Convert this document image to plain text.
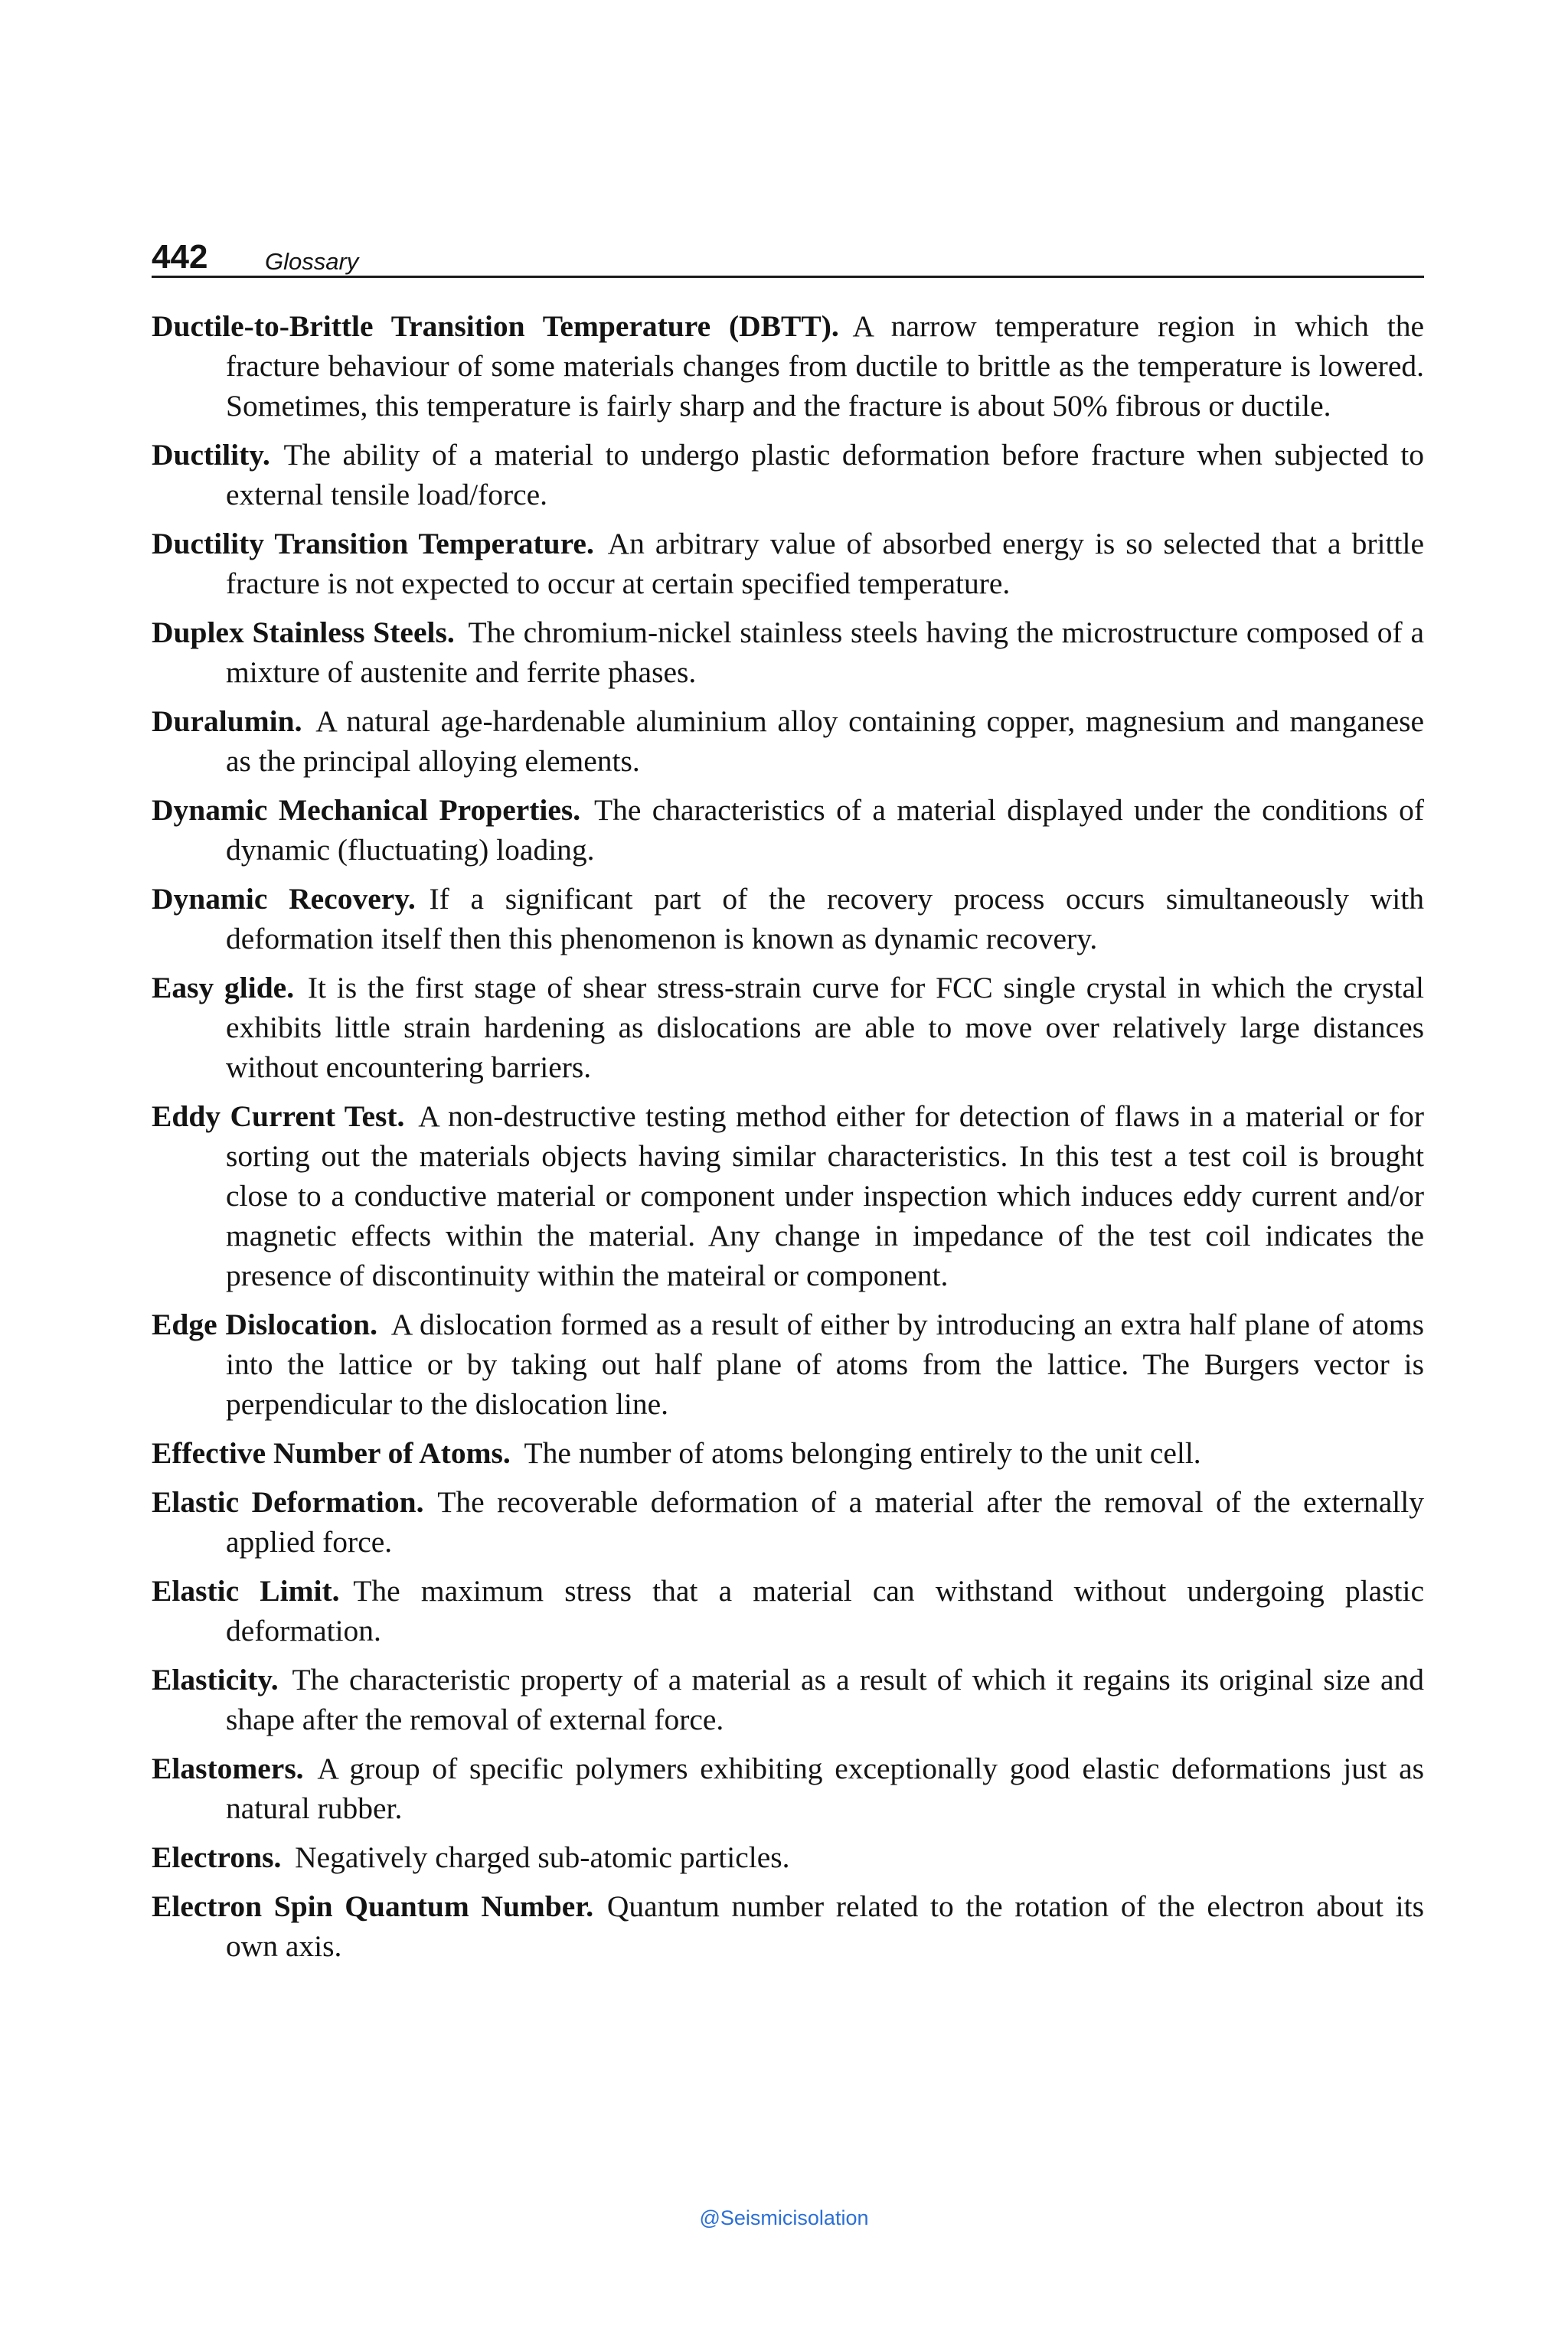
442 Glossary

Ductile-to-Brittle Transition Temperature (DBTT). A narrow temperature region in which the fracture behaviour of some materials changes from ductile to brittle as the temperature is lowered. Sometimes, this temperature is fairly sharp and the fracture is about 50% fibrous or ductile.

Ductility. The ability of a material to undergo plastic deformation before fracture when subjected to external tensile load/force.

Ductility Transition Temperature. An arbitrary value of absorbed energy is so selected that a brittle fracture is not expected to occur at certain specified temperature.

Duplex Stainless Steels. The chromium-nickel stainless steels having the microstructure composed of a mixture of austenite and ferrite phases.

Duralumin. A natural age-hardenable aluminium alloy containing copper, magnesium and manganese as the principal alloying elements.

Dynamic Mechanical Properties. The characteristics of a material displayed under the conditions of dynamic (fluctuating) loading.

Dynamic Recovery. If a significant part of the recovery process occurs simultaneously with deformation itself then this phenomenon is known as dynamic recovery.

Easy glide. It is the first stage of shear stress-strain curve for FCC single crystal in which the crystal exhibits little strain hardening as dislocations are able to move over relatively large distances without encountering barriers.

Eddy Current Test. A non-destructive testing method either for detection of flaws in a material or for sorting out the materials objects having similar characteristics. In this test a test coil is brought close to a conductive material or component under inspection which induces eddy current and/or magnetic effects within the material. Any change in impedance of the test coil indicates the presence of discontinuity within the mateiral or component.

Edge Dislocation. A dislocation formed as a result of either by introducing an extra half plane of atoms into the lattice or by taking out half plane of atoms from the lattice. The Burgers vector is perpendicular to the dislocation line.

Effective Number of Atoms. The number of atoms belonging entirely to the unit cell.

Elastic Deformation. The recoverable deformation of a material after the removal of the externally applied force.

Elastic Limit. The maximum stress that a material can withstand without undergoing plastic deformation.

Elasticity. The characteristic property of a material as a result of which it regains its original size and shape after the removal of external force.

Elastomers. A group of specific polymers exhibiting exceptionally good elastic deformations just as natural rubber.

Electrons. Negatively charged sub-atomic particles.

Electron Spin Quantum Number. Quantum number related to the rotation of the electron about its own axis.

@Seismicisolation
